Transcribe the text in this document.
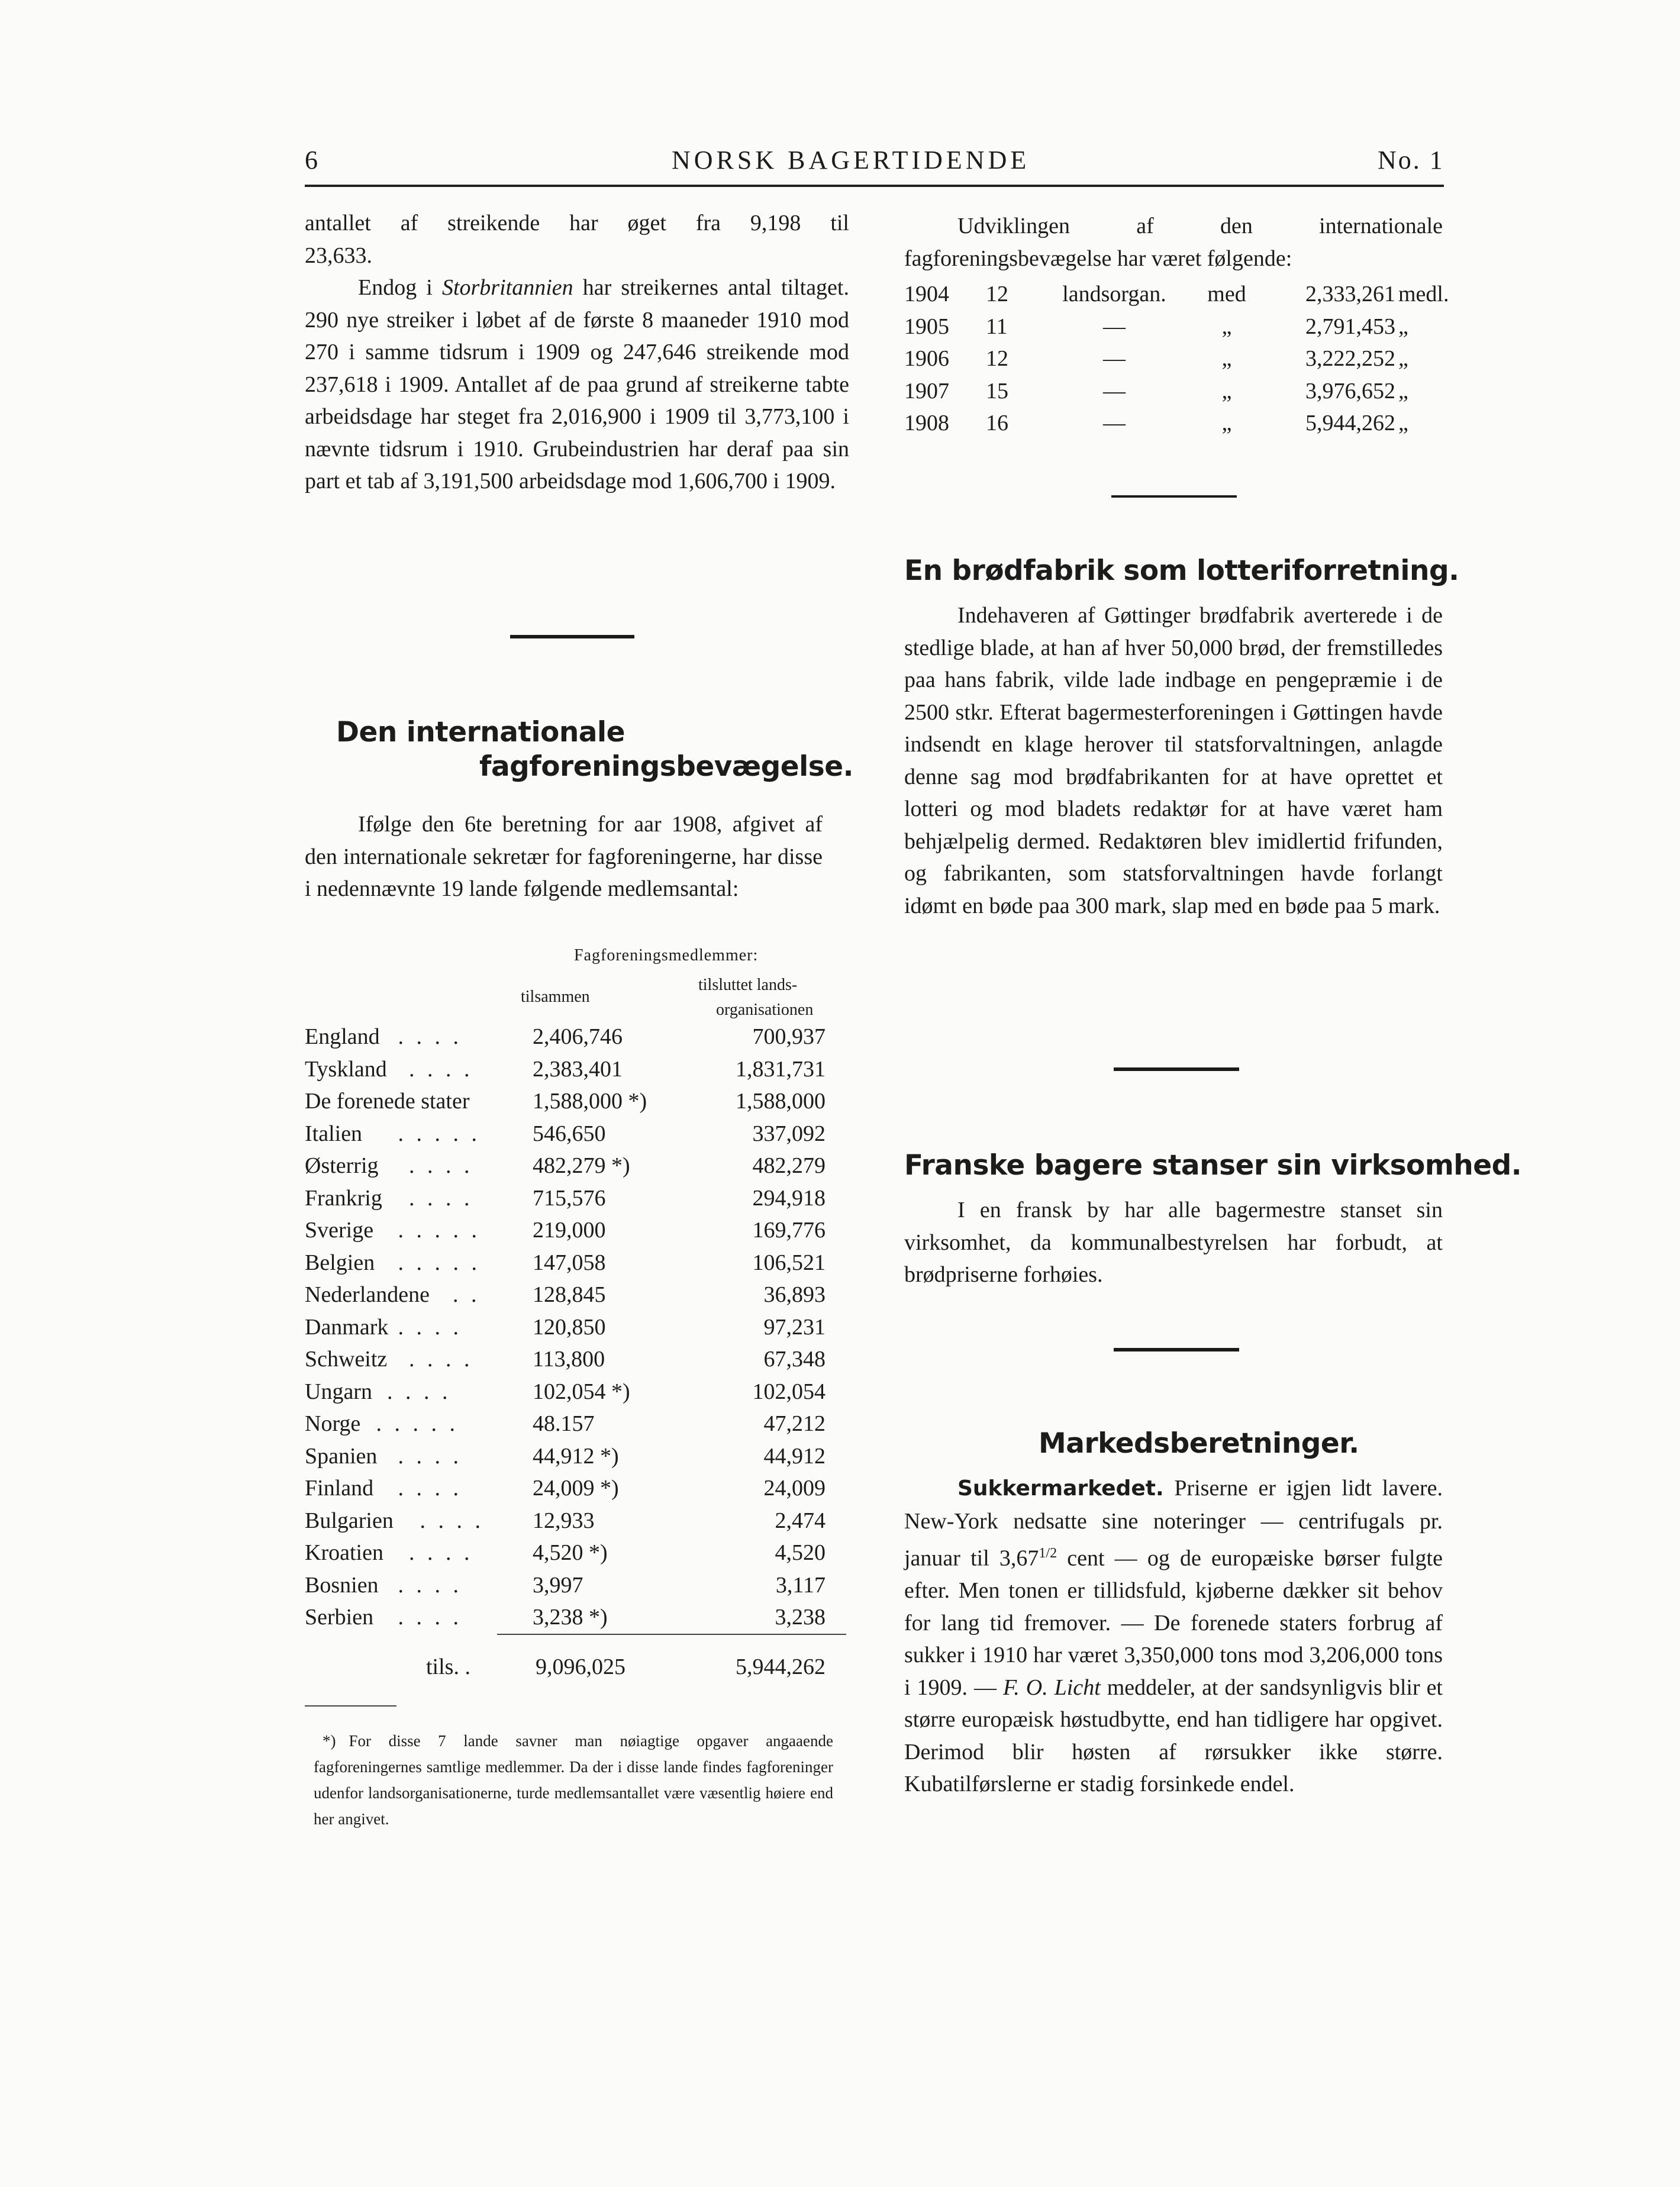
6	NORSK BAGERTIDENDE	No. 1
antallet af streikende har øget fra 9,198 til
23,633.
Endog i Storbritannien har streikernes antal tiltaget. 290 nye streiker i løbet af de første 8 maaneder 1910 mod 270 i samme tidsrum i 1909 og 247,646 streikende mod 237,618 i 1909. Antallet af de paa grund af streikerne tabte arbeidsdage har steget fra 2,016,900 i 1909 til 3,773,100 i nævnte tidsrum i 1910. Grubeindustrien har deraf paa sin part et tab af 3,191,500 arbeidsdage mod 1,606,700 i 1909.
Den internationale
fagforeningsbevægelse.
Ifølge den 6te beretning for aar 1908, afgivet af den internationale sekretær for fagforeningerne, har disse i nedennævnte 19 lande følgende medlemsantal:
Fagforeningsmedlemmer:
tilsluttet lands-
tilsammen
organisationen
England . . . .	2,406,746	700,937
Tyskland . . . .	2,383,401	1,831,731
De forenede stater	1,588,000 *)	1,588,000
Italien . . . . . 546,650	337,092
Østerrig . . . .	482,279 *)	482,279
Frankrig . . . .	715,576	294,918
Sverige . . . . . 219,000	169,776
Belgien . . . . . 147,058	106,521
Nederlandene . . 128,845	36,893
Danmark . . . .	120,850	97,231
Schweitz . . . .	113,800	67,348
Ungarn . . . .	102,054 *)	102,054
Norge . . . . .	48.157	47,212
Spanien . . . .	44,912 *)	44,912
Finland . . . .	24,009 *)	24,009
Bulgarien . . . . 12,933	2,474
Kroatien . . . .	4,520 *)	4,520
Bosnien . . . .	3,997	3,117
Serbien . . . .	3,238 *)	3,238
tils. .	9,096,025	5,944,262
*) For disse 7 lande savner man nøiagtige opgaver angaaende fagforeningernes samtlige medlemmer. Da der i disse lande findes fagforeninger udenfor landsorganisationerne, turde medlemsantallet være væsentlig høiere end her angivet.
Udviklingen af den internationale fagforeningsbevægelse har været følgende:
1904 12	landsorgan.	med	2,333,261 medl.
1905 11	—	„	2,791,453 „
1906 12	—	„	3,222,252 „
1907 15	—	„	3,976,652 „
1908 16	—	„	5,944,262 „
En brødfabrik som lotteriforretning.
Indehaveren af Gøttinger brødfabrik averterede i de stedlige blade, at han af hver 50,000 brød, der fremstilledes paa hans fabrik, vilde lade indbage en pengepræmie i de 2500 stkr. Efterat bagermesterforeningen i Gøttingen havde indsendt en klage herover til statsforvaltningen, anlagde denne sag mod brødfabrikanten for at have oprettet et lotteri og mod bladets redaktør for at have været ham behjælpelig dermed. Redaktøren blev imidlertid frifunden, og fabrikanten, som statsforvaltningen havde forlangt idømt en bøde paa 300 mark, slap med en bøde paa 5 mark.
Franske bagere stanser sin virksomhed.
I en fransk by har alle bagermestre stanset sin virksomhet, da kommunalbestyrelsen har forbudt, at brødpriserne forhøies.
Markedsberetninger.
Sukkermarkedet. Priserne er igjen lidt lavere. New-York nedsatte sine noteringer — centrifugals pr. januar til $3,67^{1/2}$ cent — og de europæiske børser fulgte efter. Men tonen er tillidsfuld, kjøberne dækker sit behov for lang tid fremover. — De forenede staters forbrug af sukker i 1910 har været 3,350,000 tons mod 3,206,000 tons i 1909. — F. O. Licht meddeler, at der sandsynligvis blir et større europæisk høstudbytte, end han tidligere har opgivet. Derimod blir høsten af rørsukker ikke større. Kubatilførslerne er stadig forsinkede endel.
